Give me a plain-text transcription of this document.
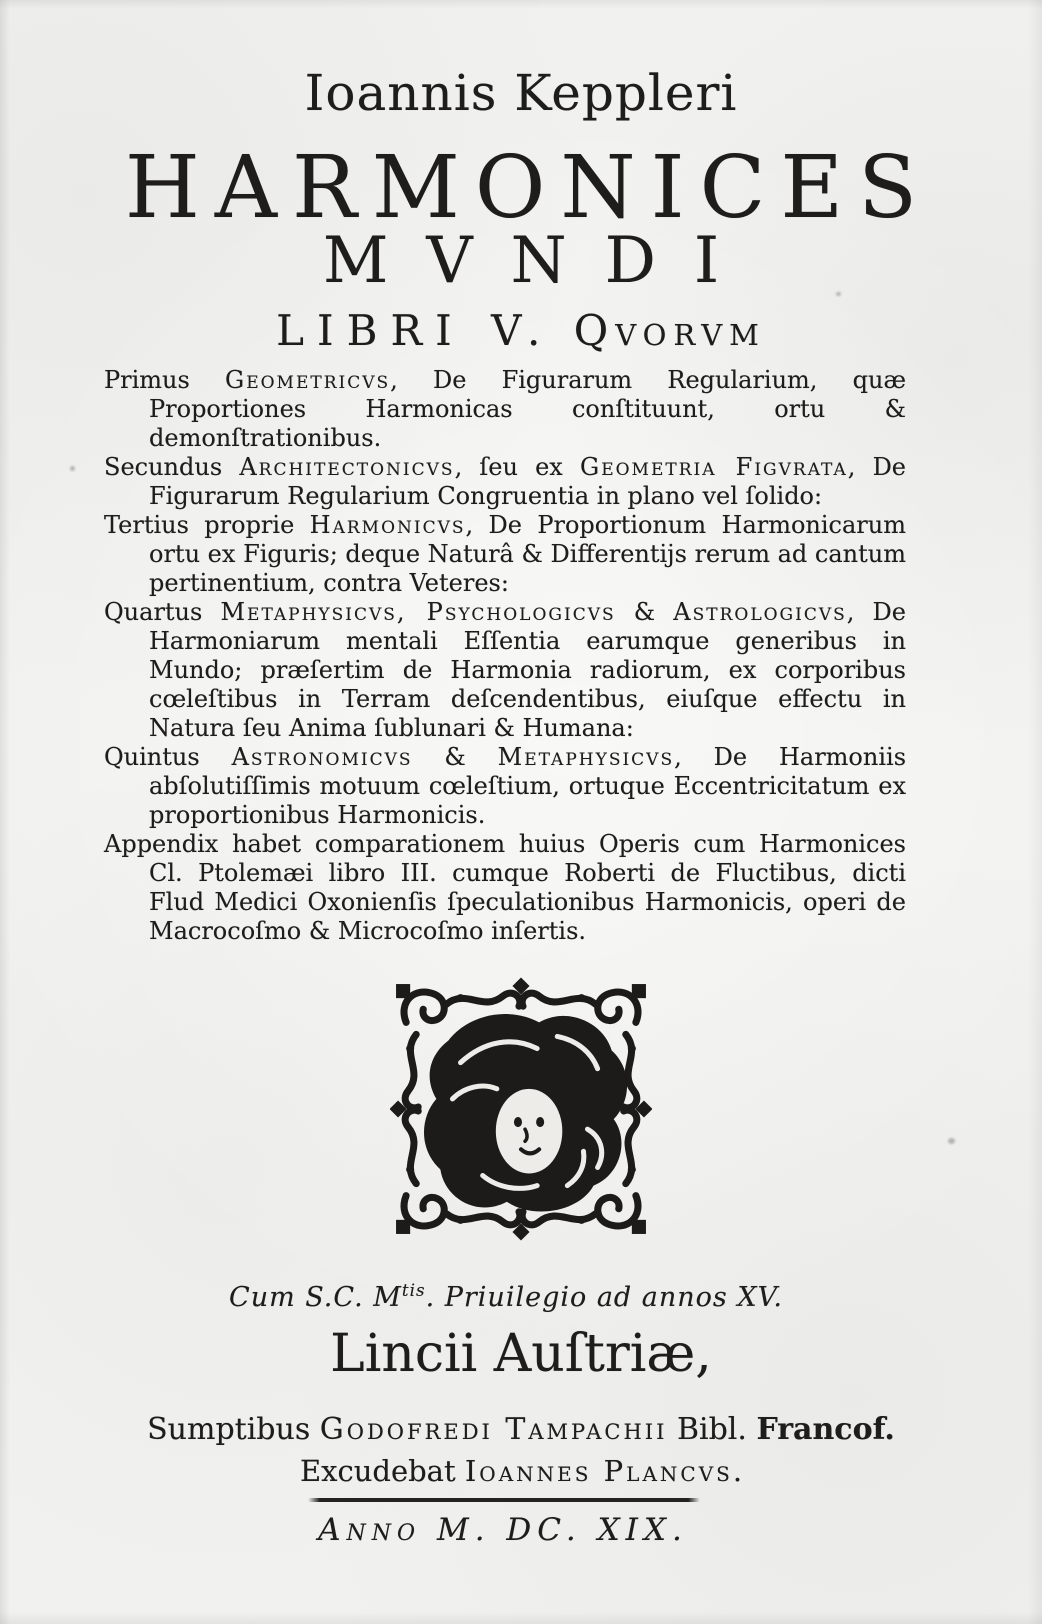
Ioannis Keppleri
HARMONICES
MVNDI
LIBRI V. Qvorvm

Primus Geometricvs, De Figurarum Regularium, quæ Proportiones Harmonicas conſtituunt, ortu & demonſtrationibus.

Secundus Architectonicvs, ſeu ex Geometria Figvrata, De Figurarum Regularium Congruentia in plano vel ſolido:

Tertius proprie Harmonicvs, De Proportionum Harmonicarum ortu ex Figuris; deque Naturâ & Differentijs rerum ad cantum pertinentium, contra Veteres:

Quartus Metaphysicvs, Psychologicvs & Astrologicvs, De Harmoniarum mentali Eſſentia earumque generibus in Mundo; præſertim de Harmonia radiorum, ex corporibus cœleſtibus in Terram deſcendentibus, eiuſque effectu in Natura ſeu Anima ſublunari & Humana:

Quintus Astronomicvs & Metaphysicvs, De Harmoniis abſolutiſſimis motuum cœleſtium, ortuque Eccentricitatum ex proportionibus Harmonicis.

Appendix habet comparationem huius Operis cum Harmonices Cl. Ptolemæi libro III. cumque Roberti de Fluctibus, dicti Flud Medici Oxonienſis ſpeculationibus Harmonicis, operi de Macrocoſmo & Microcoſmo inſertis.

Cum S.C. $M^{tis}$. Priuilegio ad annos XV.
Lincii Auſtriæ,
Sumptibus Godofredi Tampachii Bibl. Francof.
Excudebat Ioannes Plancvs.
Anno M. DC. XIX.
